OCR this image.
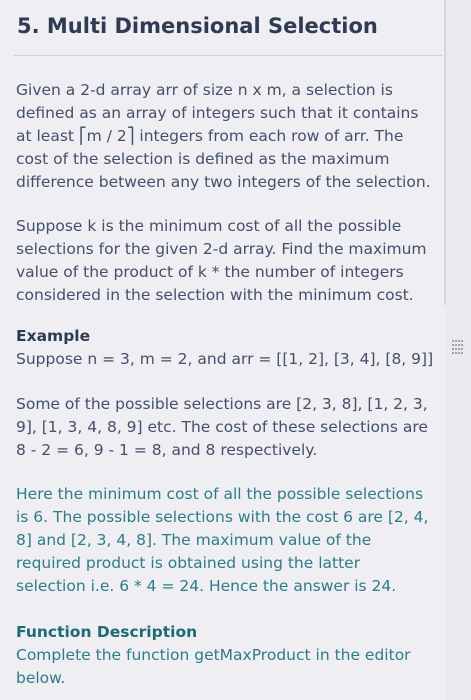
5. Multi Dimensional Selection

Given a 2-d array arr of size n x m, a selection is defined as an array of integers such that it contains at least ⎡m / 2⎤ integers from each row of arr. The cost of the selection is defined as the maximum difference between any two integers of the selection.

Suppose k is the minimum cost of all the possible selections for the given 2-d array. Find the maximum value of the product of k * the number of integers considered in the selection with the minimum cost.

Example

Suppose n = 3, m = 2, and arr = [[1, 2], [3, 4], [8, 9]]

Some of the possible selections are [2, 3, 8], [1, 2, 3, 9], [1, 3, 4, 8, 9] etc. The cost of these selections are 8 - 2 = 6, 9 - 1 = 8, and 8 respectively.

Here the minimum cost of all the possible selections is 6. The possible selections with the cost 6 are [2, 4, 8] and [2, 3, 4, 8]. The maximum value of the required product is obtained using the latter selection i.e. 6 * 4 = 24. Hence the answer is 24.

Function Description

Complete the function getMaxProduct in the editor below.
